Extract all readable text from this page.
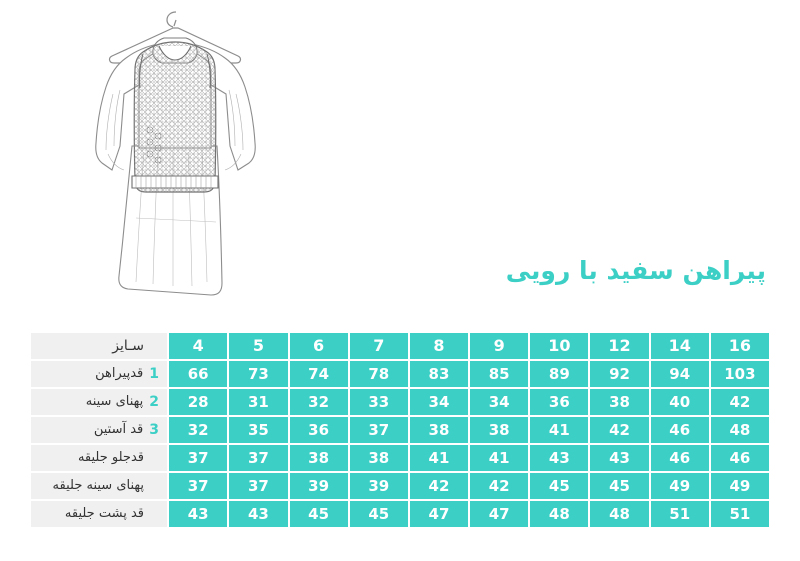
پیراهن سفید با رویی
16	14	12	10	9	8	7	6	5	4	سـایز

103	94	92	89	85	83	78	74	73	66	1
قدپیراهن

42	40	38	36	34	34	33	32	31	28	2
پهنای سینه

48	46	42	41	38	38	37	36	35	32	3
قد آستین

46	46	43	43	41	41	38	38	37	37	قدجلو جلیقه

49	49	45	45	42	42	39	39	37	37	پهنای سینه جلیقه

51	51	48	48	47	47	45	45	43	43	قد پشت جلیقه
